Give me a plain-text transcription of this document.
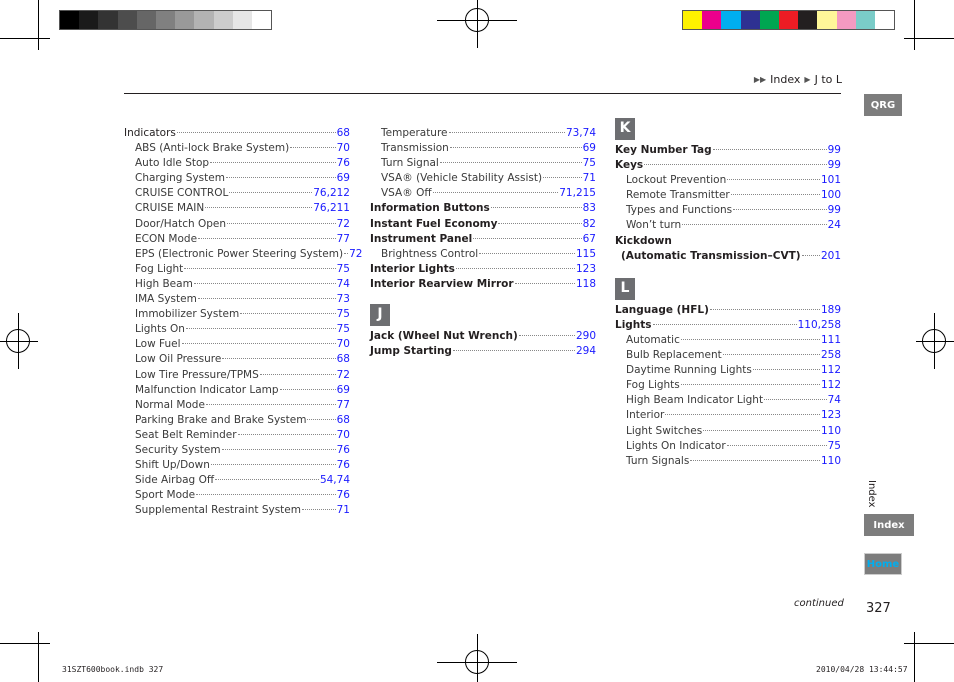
▶▶ Index ▶ J to L
QRG
Index
Index
Home
Indicators	68
ABS (Anti-lock Brake System)	70
Auto Idle Stop	76
Charging System	69
CRUISE CONTROL	76,212
CRUISE MAIN	76,211
Door/Hatch Open	72
ECON Mode	77
EPS (Electronic Power Steering System) 72
Fog Light	75
High Beam	74
IMA System	73
Immobilizer System	75
Lights On	75
Low Fuel	70
Low Oil Pressure	68
Low Tire Pressure/TPMS	72
Malfunction Indicator Lamp	69
Normal Mode	77
Parking Brake and Brake System	68
Seat Belt Reminder	70
Security System	76
Shift Up/Down	76
Side Airbag Off	54,74
Sport Mode	76
Supplemental Restraint System	71
Temperature	73,74
Transmission	69
Turn Signal	75
VSA® (Vehicle Stability Assist)	71
VSA® Off	71,215
Information Buttons	83
Instant Fuel Economy	82
Instrument Panel	67
Brightness Control	115
Interior Lights	123
Interior Rearview Mirror	118
J
Jack (Wheel Nut Wrench)	290
Jump Starting	294
K
Key Number Tag	99
Keys	99
Lockout Prevention	101
Remote Transmitter	100
Types and Functions	99
Won’t turn	24
Kickdown
(Automatic Transmission–CVT) 201
L
Language (HFL)	189
Lights	110,258
Automatic	111
Bulb Replacement	258
Daytime Running Lights	112
Fog Lights	112
High Beam Indicator Light	74
Interior	123
Light Switches	110
Lights On Indicator	75
Turn Signals	110
continued 327
31SZT600book.indb 327	2010/04/28 13:44:57
